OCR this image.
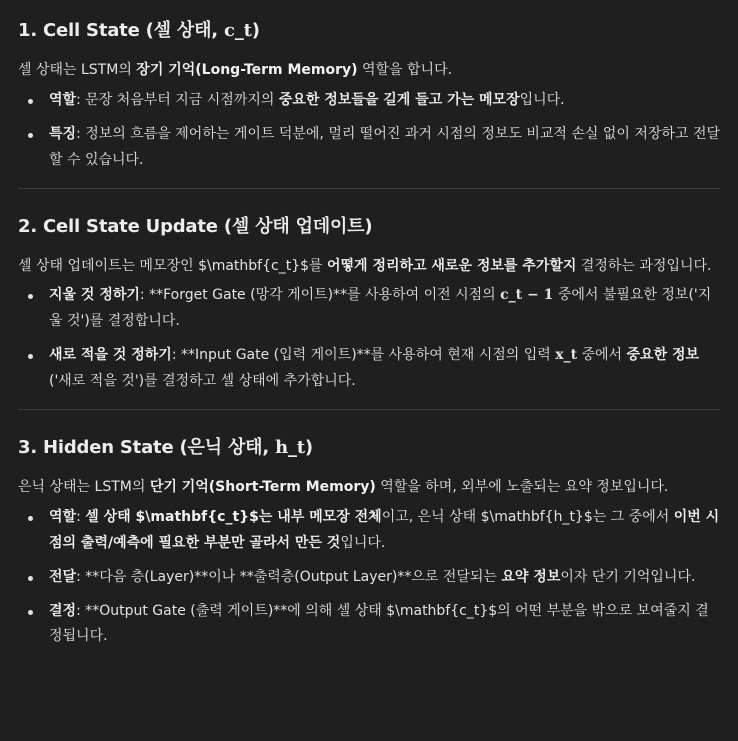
1. Cell State (셀 상태, c_t)

셀 상태는 LSTM의 장기 기억(Long-Term Memory) 역할을 합니다.

역할: 문장 처음부터 지금 시점까지의 중요한 정보들을 길게 들고 가는 메모장입니다.
특징: 정보의 흐름을 제어하는 게이트 덕분에, 멀리 떨어진 과거 시점의 정보도 비교적 손실 없이 저장하고 전달할 수 있습니다.
2. Cell State Update (셀 상태 업데이트)

셀 상태 업데이트는 메모장인 $\mathbf{c_t}$를 어떻게 정리하고 새로운 정보를 추가할지 결정하는 과정입니다.

지울 것 정하기: **Forget Gate (망각 게이트)**를 사용하여 이전 시점의 c_t − 1 중에서 불필요한 정보('지울 것')를 결정합니다.
새로 적을 것 정하기: **Input Gate (입력 게이트)**를 사용하여 현재 시점의 입력 x_t 중에서 중요한 정보('새로 적을 것')를 결정하고 셀 상태에 추가합니다.
3. Hidden State (은닉 상태, h_t)

은닉 상태는 LSTM의 단기 기억(Short-Term Memory) 역할을 하며, 외부에 노출되는 요약 정보입니다.

역할: 셀 상태 $\mathbf{c_t}$는 내부 메모장 전체이고, 은닉 상태 $\mathbf{h_t}$는 그 중에서 이번 시점의 출력/예측에 필요한 부분만 골라서 만든 것입니다.
전달: **다음 층(Layer)**이나 **출력층(Output Layer)**으로 전달되는 요약 정보이자 단기 기억입니다.
결정: **Output Gate (출력 게이트)**에 의해 셀 상태 $\mathbf{c_t}$의 어떤 부분을 밖으로 보여줄지 결정됩니다.
